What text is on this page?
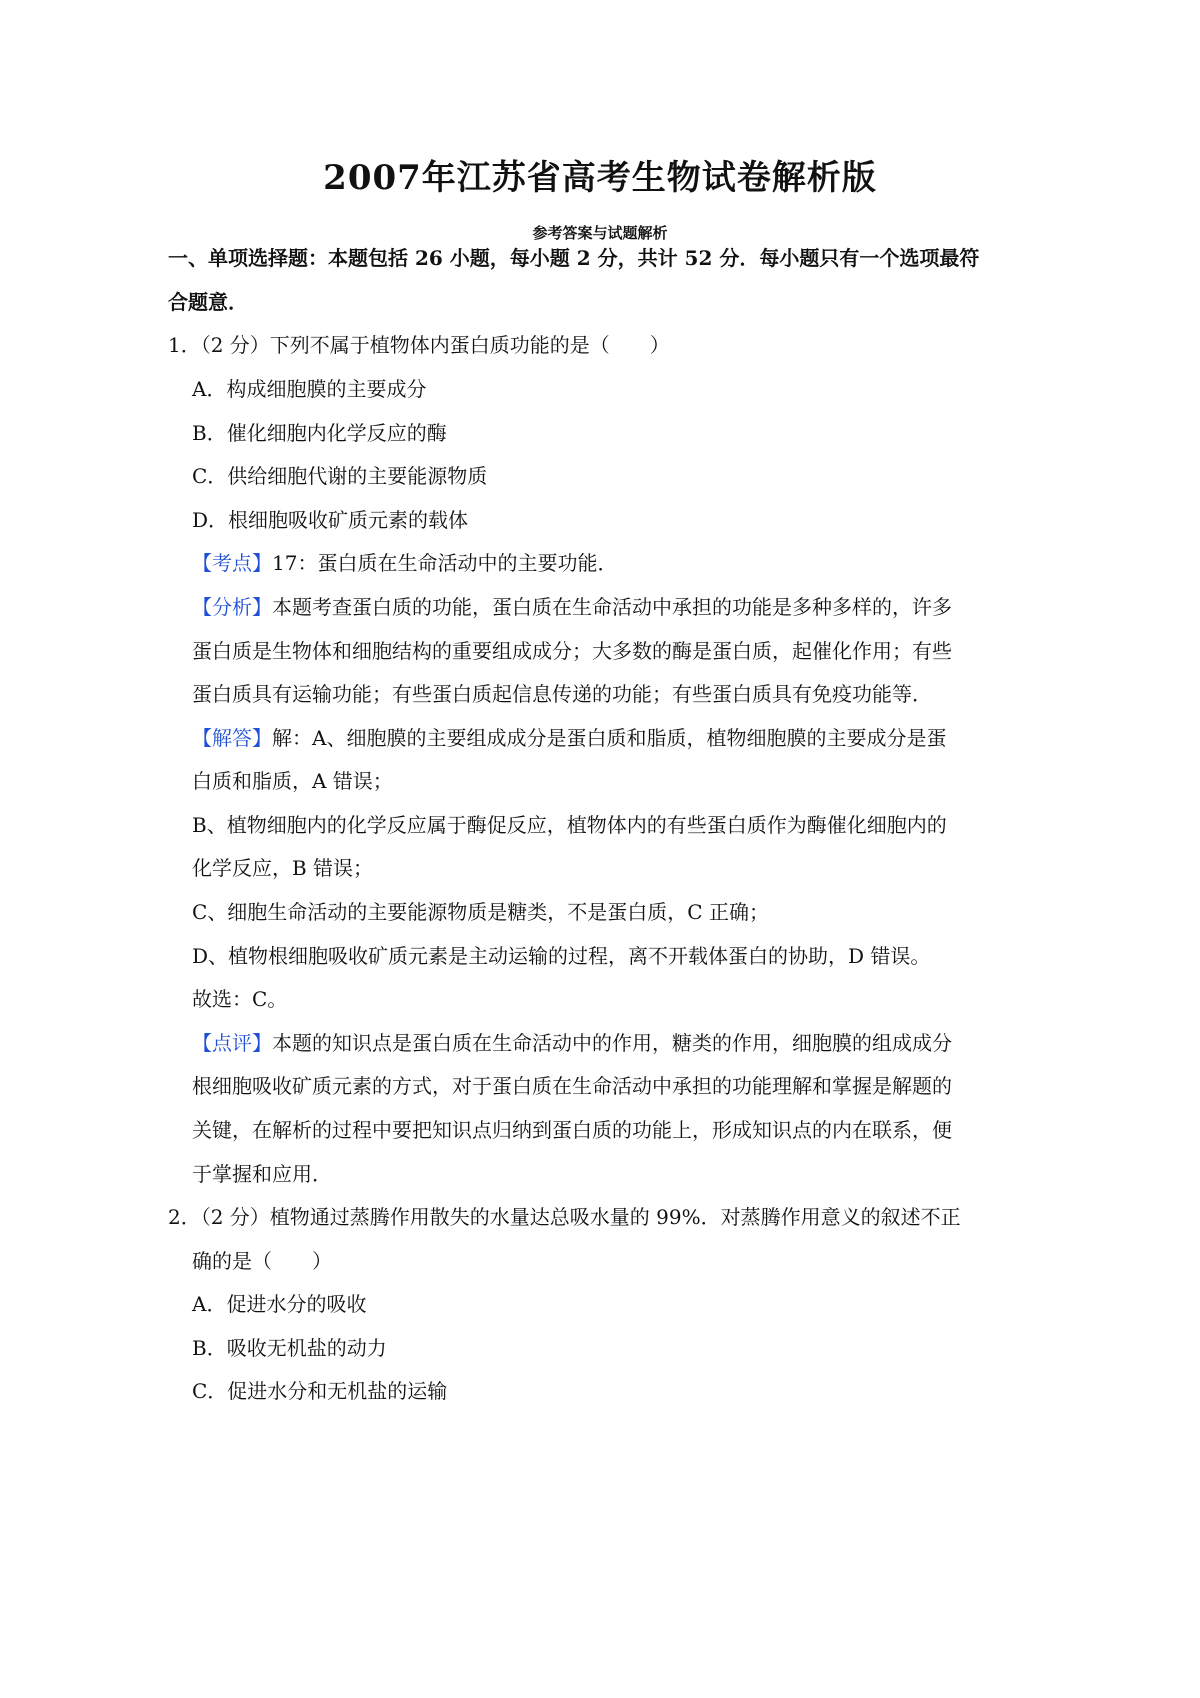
2007年江苏省高考生物试卷解析版
参考答案与试题解析
一、单项选择题：本题包括 26 小题，每小题 2 分，共计 52 分．每小题只有一个选项最符
合题意．
1．（2 分）下列不属于植物体内蛋白质功能的是（　　）
A．构成细胞膜的主要成分
B．催化细胞内化学反应的酶
C．供给细胞代谢的主要能源物质
D．根细胞吸收矿质元素的载体
【考点】17：蛋白质在生命活动中的主要功能．
【分析】本题考查蛋白质的功能，蛋白质在生命活动中承担的功能是多种多样的，许多
蛋白质是生物体和细胞结构的重要组成成分；大多数的酶是蛋白质，起催化作用；有些
蛋白质具有运输功能；有些蛋白质起信息传递的功能；有些蛋白质具有免疫功能等．
【解答】解：A、细胞膜的主要组成成分是蛋白质和脂质，植物细胞膜的主要成分是蛋
白质和脂质，A 错误；
B、植物细胞内的化学反应属于酶促反应，植物体内的有些蛋白质作为酶催化细胞内的
化学反应，B 错误；
C、细胞生命活动的主要能源物质是糖类，不是蛋白质，C 正确；
D、植物根细胞吸收矿质元素是主动运输的过程，离不开载体蛋白的协助，D 错误。
故选：C。
【点评】本题的知识点是蛋白质在生命活动中的作用，糖类的作用，细胞膜的组成成分
根细胞吸收矿质元素的方式，对于蛋白质在生命活动中承担的功能理解和掌握是解题的
关键，在解析的过程中要把知识点归纳到蛋白质的功能上，形成知识点的内在联系，便
于掌握和应用．
2．（2 分）植物通过蒸腾作用散失的水量达总吸水量的 99%．对蒸腾作用意义的叙述不正
确的是（　　）
A．促进水分的吸收
B．吸收无机盐的动力
C．促进水分和无机盐的运输
